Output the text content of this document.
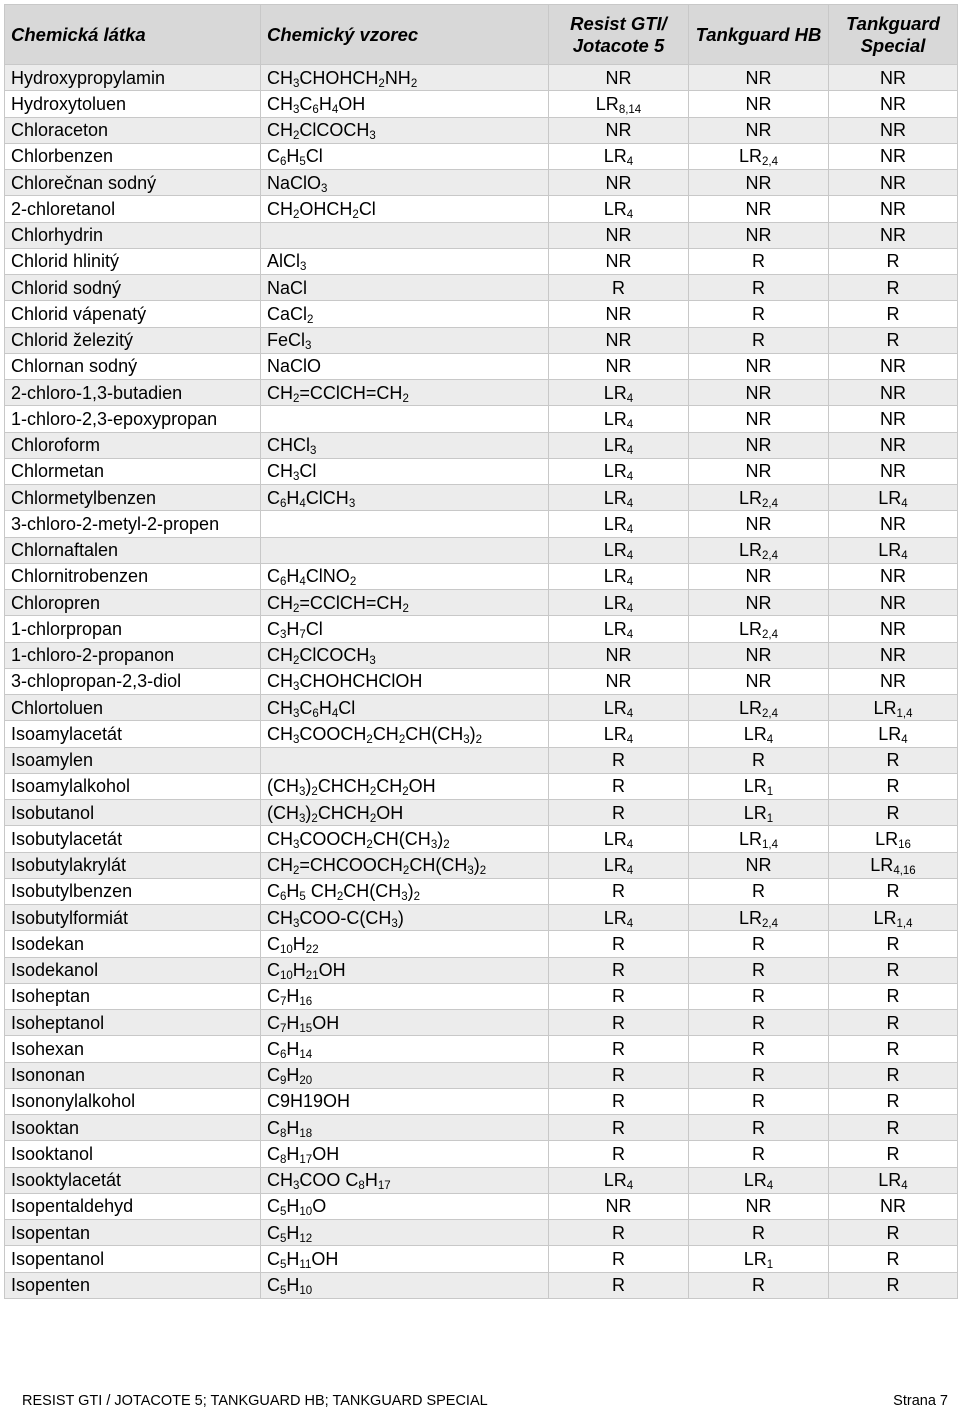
Chemická látka	Chemický vzorec	Resist GTI/ Jotacote 5	Tankguard HB	Tankguard Special
Hydroxypropylamin	$CH_3CHOHCH_2NH_2$	NR	NR	NR
Hydroxytoluen	$CH_3C_6H_4OH$	$LR_{8,14}$	NR	NR
Chloraceton	$CH_2ClCOCH_3$	NR	NR	NR
Chlorbenzen	$C_6H_5Cl$	$LR_4$	$LR_{2,4}$	NR
Chlorečnan sodný	NaClO$_3$	NR	NR	NR
2-chloretanol	$CH_2OHCH_2Cl$	$LR_4$	NR	NR
Chlorhydrin		NR	NR	NR
Chlorid hlinitý	AlCl$_3$	NR	R	R
Chlorid sodný	NaCl	R	R	R
Chlorid vápenatý	CaCl$_2$	NR	R	R
Chlorid železitý	FeCl$_3$	NR	R	R
Chlornan sodný	NaClO	NR	NR	NR
2-chloro-1,3-butadien	$CH_2=CClCH=CH_2$	$LR_4$	NR	NR
1-chloro-2,3-epoxypropan		$LR_4$	NR	NR
Chloroform	CHCl$_3$	$LR_4$	NR	NR
Chlormetan	$CH_3Cl$	$LR_4$	NR	NR
Chlormetylbenzen	$C_6H_4ClCH_3$	$LR_4$	$LR_{2,4}$	$LR_4$
3-chloro-2-metyl-2-propen		$LR_4$	NR	NR
Chlornaftalen		$LR_4$	$LR_{2,4}$	$LR_4$
Chlornitrobenzen	$C_6H_4ClNO_2$	$LR_4$	NR	NR
Chloropren	$CH_2=CClCH=CH_2$	$LR_4$	NR	NR
1-chlorpropan	$C_3H_7Cl$	$LR_4$	$LR_{2,4}$	NR
1-chloro-2-propanon	$CH_2ClCOCH_3$	NR	NR	NR
3-chlopropan-2,3-diol	$CH_3CHOHCHClOH$	NR	NR	NR
Chlortoluen	$CH_3C_6H_4Cl$	$LR_4$	$LR_{2,4}$	$LR_{1,4}$
Isoamylacetát	$CH_3COOCH_2CH_2CH(CH_3)_2$	$LR_4$	$LR_4$	$LR_4$
Isoamylen		R	R	R
Isoamylalkohol	$(CH_3)_2CHCH_2CH_2OH$	R	$LR_1$	R
Isobutanol	$(CH_3)_2CHCH_2OH$	R	$LR_1$	R
Isobutylacetát	$CH_3COOCH_2CH(CH_3)_2$	$LR_4$	$LR_{1,4}$	$LR_{16}$
Isobutylakrylát	$CH_2=CHCOOCH_2CH(CH_3)_2$	$LR_4$	NR	$LR_{4,16}$
Isobutylbenzen	$C_6H_5$ $CH_2CH(CH_3)_2$	R	R	R
Isobutylformiát	$CH_3COO-C(CH_3)$	$LR_4$	$LR_{2,4}$	$LR_{1,4}$
Isodekan	$C_{10}H_{22}$	R	R	R
Isodekanol	$C_{10}H_{21}OH$	R	R	R
Isoheptan	$C_7H_{16}$	R	R	R
Isoheptanol	$C_7H_{15}OH$	R	R	R
Isohexan	$C_6H_{14}$	R	R	R
Isononan	$C_9H_{20}$	R	R	R
Isononylalkohol	C9H19OH	R	R	R
Isooktan	$C_8H_{18}$	R	R	R
Isooktanol	$C_8H_{17}OH$	R	R	R
Isooktylacetát	$CH_3COO$ $C_8H_{17}$	$LR_4$	$LR_4$	$LR_4$
Isopentaldehyd	$C_5H_{10}O$	NR	NR	NR
Isopentan	$C_5H_{12}$	R	R	R
Isopentanol	$C_5H_{11}OH$	R	$LR_1$	R
Isopenten	$C_5H_{10}$	R	R	R
RESIST GTI / JOTACOTE 5; TANKGUARD HB; TANKGUARD SPECIAL	Strana 7
